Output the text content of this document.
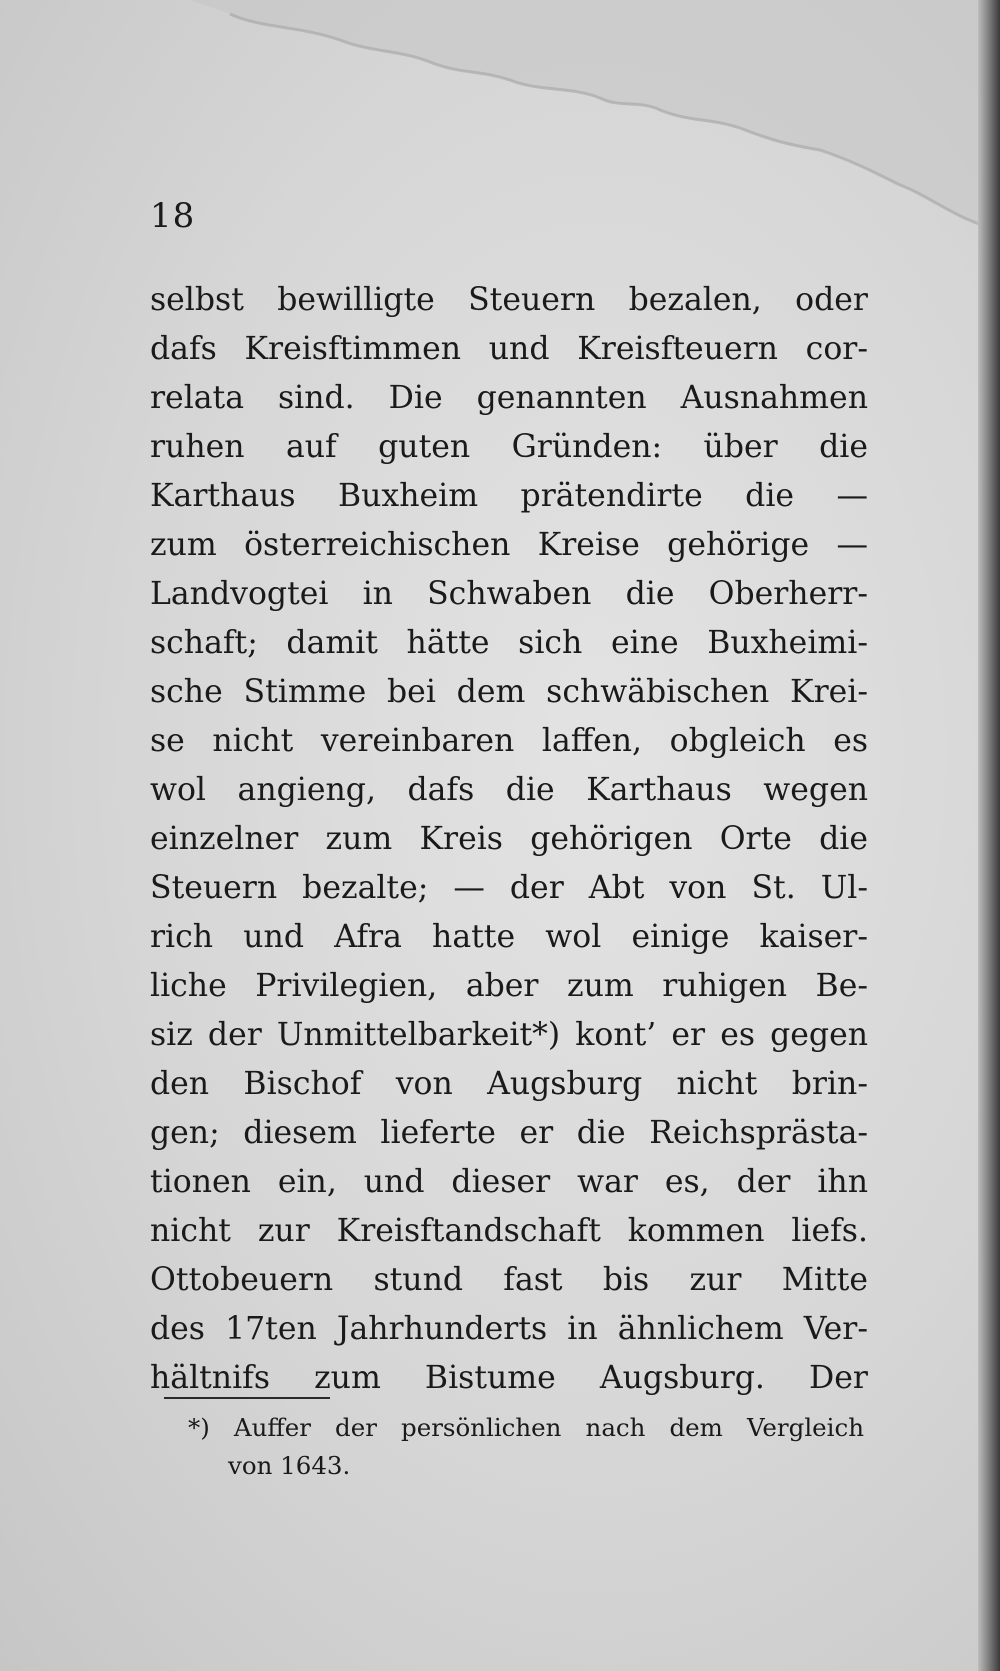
18
selbst bewilligte Steuern bezalen, oder
dafs Kreisftimmen und Kreisfteuern cor-
relata sind. Die genannten Ausnahmen
ruhen auf guten Gründen: über die
Karthaus Buxheim prätendirte die —
zum österreichischen Kreise gehörige —
Landvogtei in Schwaben die Oberherr-
schaft; damit hätte sich eine Buxheimi-
sche Stimme bei dem schwäbischen Krei-
se nicht vereinbaren laffen, obgleich es
wol angieng, dafs die Karthaus wegen
einzelner zum Kreis gehörigen Orte die
Steuern bezalte; — der Abt von St. Ul-
rich und Afra hatte wol einige kaiser-
liche Privilegien, aber zum ruhigen Be-
siz der Unmittelbarkeit*) kont’ er es gegen
den Bischof von Augsburg nicht brin-
gen; diesem lieferte er die Reichsprästa-
tionen ein, und dieser war es, der ihn
nicht zur Kreisftandschaft kommen liefs.
Ottobeuern stund fast bis zur Mitte
des 17ten Jahrhunderts in ähnlichem Ver-
hältnifs zum Bistume Augsburg. Der
*) Auffer der persönlichen nach dem Vergleich
von 1643.
